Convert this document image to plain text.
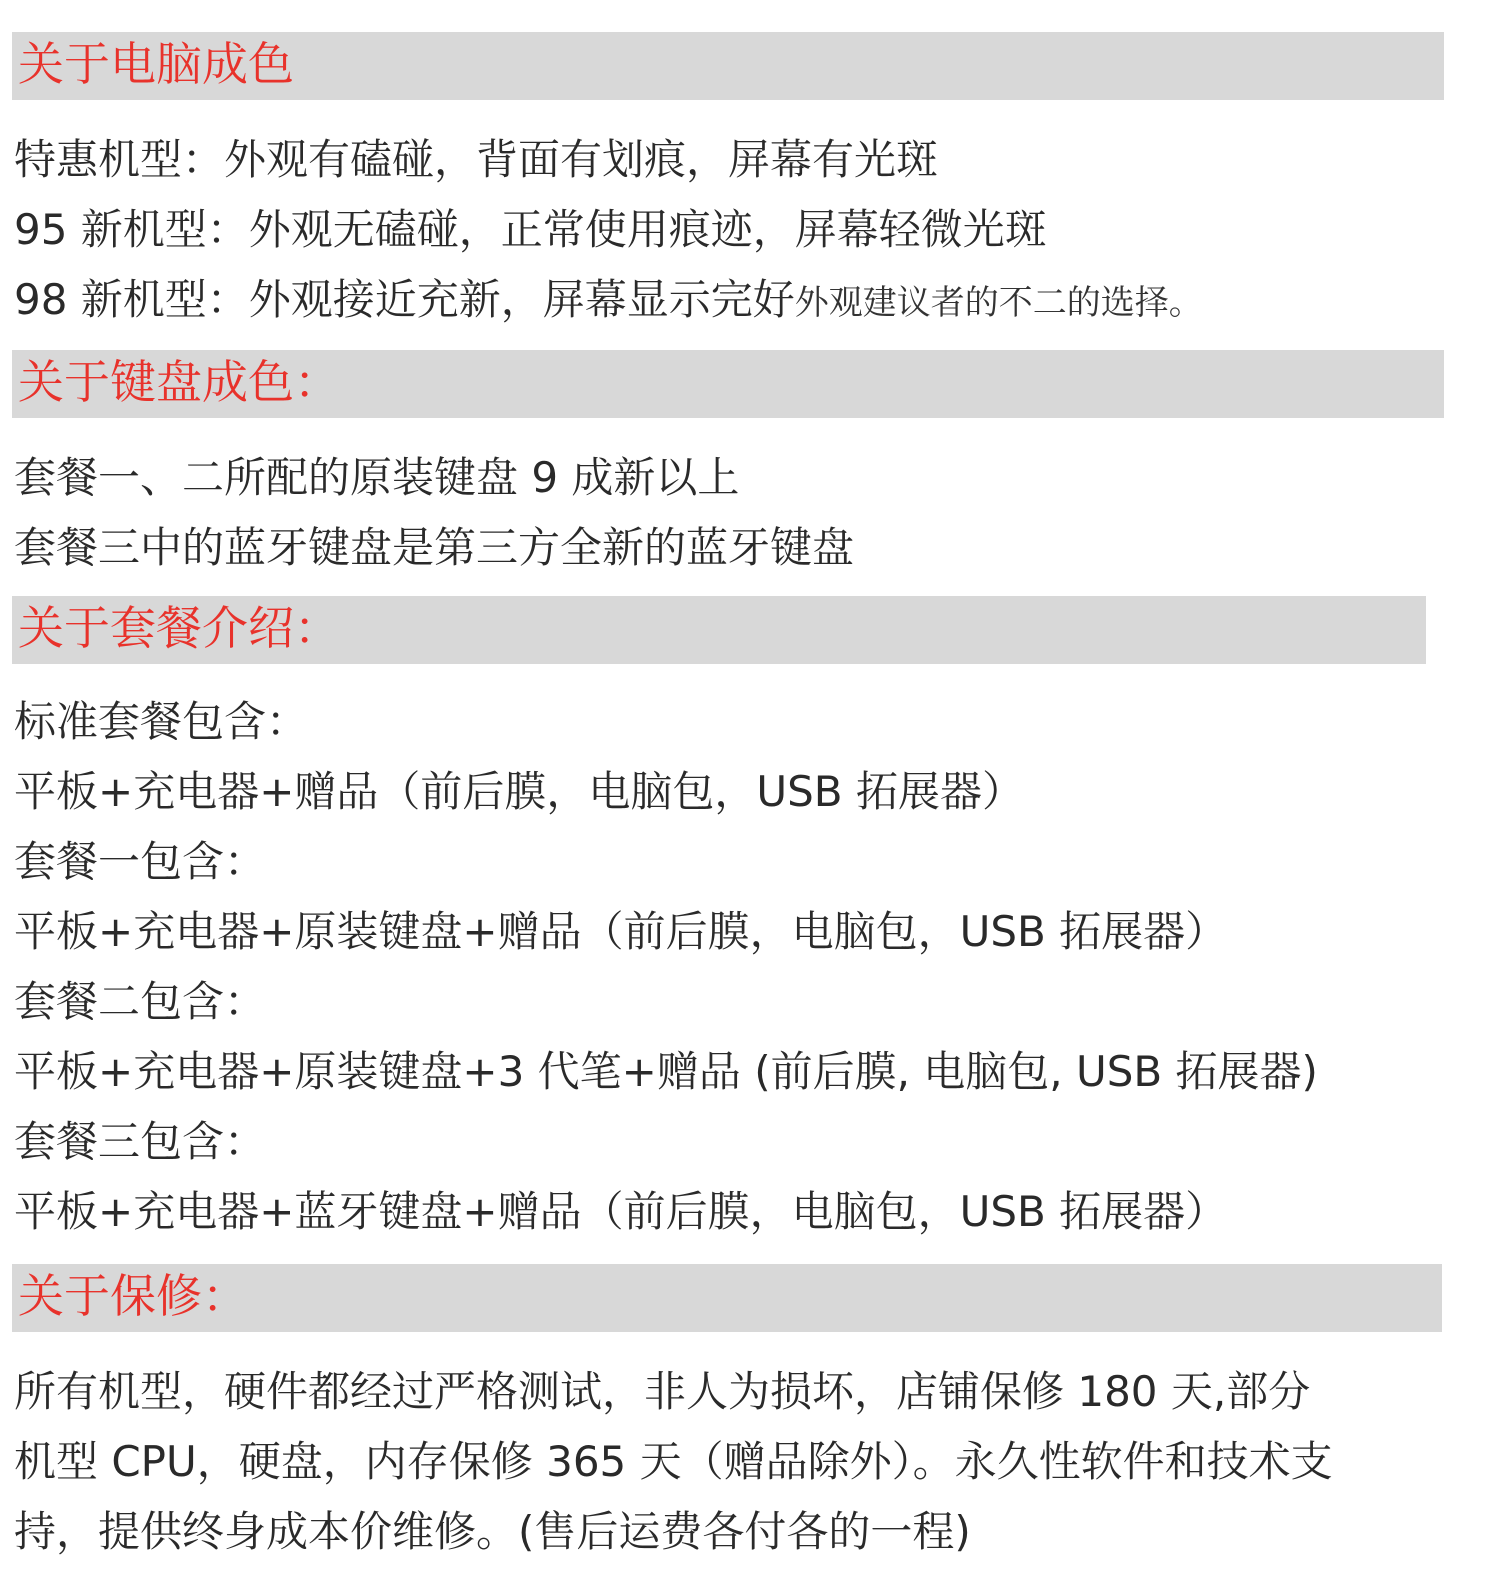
关于电脑成色
特惠机型：外观有磕碰，背面有划痕，屏幕有光斑
95 新机型：外观无磕碰，正常使用痕迹，屏幕轻微光斑
98 新机型：外观接近充新，屏幕显示完好外观建议者的不二的选择。
关于键盘成色：
套餐一、二所配的原装键盘 9 成新以上
套餐三中的蓝牙键盘是第三方全新的蓝牙键盘
关于套餐介绍：
标准套餐包含：
平板+充电器+赠品（前后膜，电脑包，USB 拓展器）
套餐一包含：
平板+充电器+原装键盘+赠品（前后膜，电脑包，USB 拓展器）
套餐二包含：
平板+充电器+原装键盘+3 代笔+赠品 (前后膜, 电脑包, USB 拓展器)
套餐三包含：
平板+充电器+蓝牙键盘+赠品（前后膜，电脑包，USB 拓展器）
关于保修：
所有机型，硬件都经过严格测试，非人为损坏，店铺保修 180 天,部分
机型 CPU，硬盘，内存保修 365 天（赠品除外）。永久性软件和技术支
持，提供终身成本价维修。(售后运费各付各的一程)
